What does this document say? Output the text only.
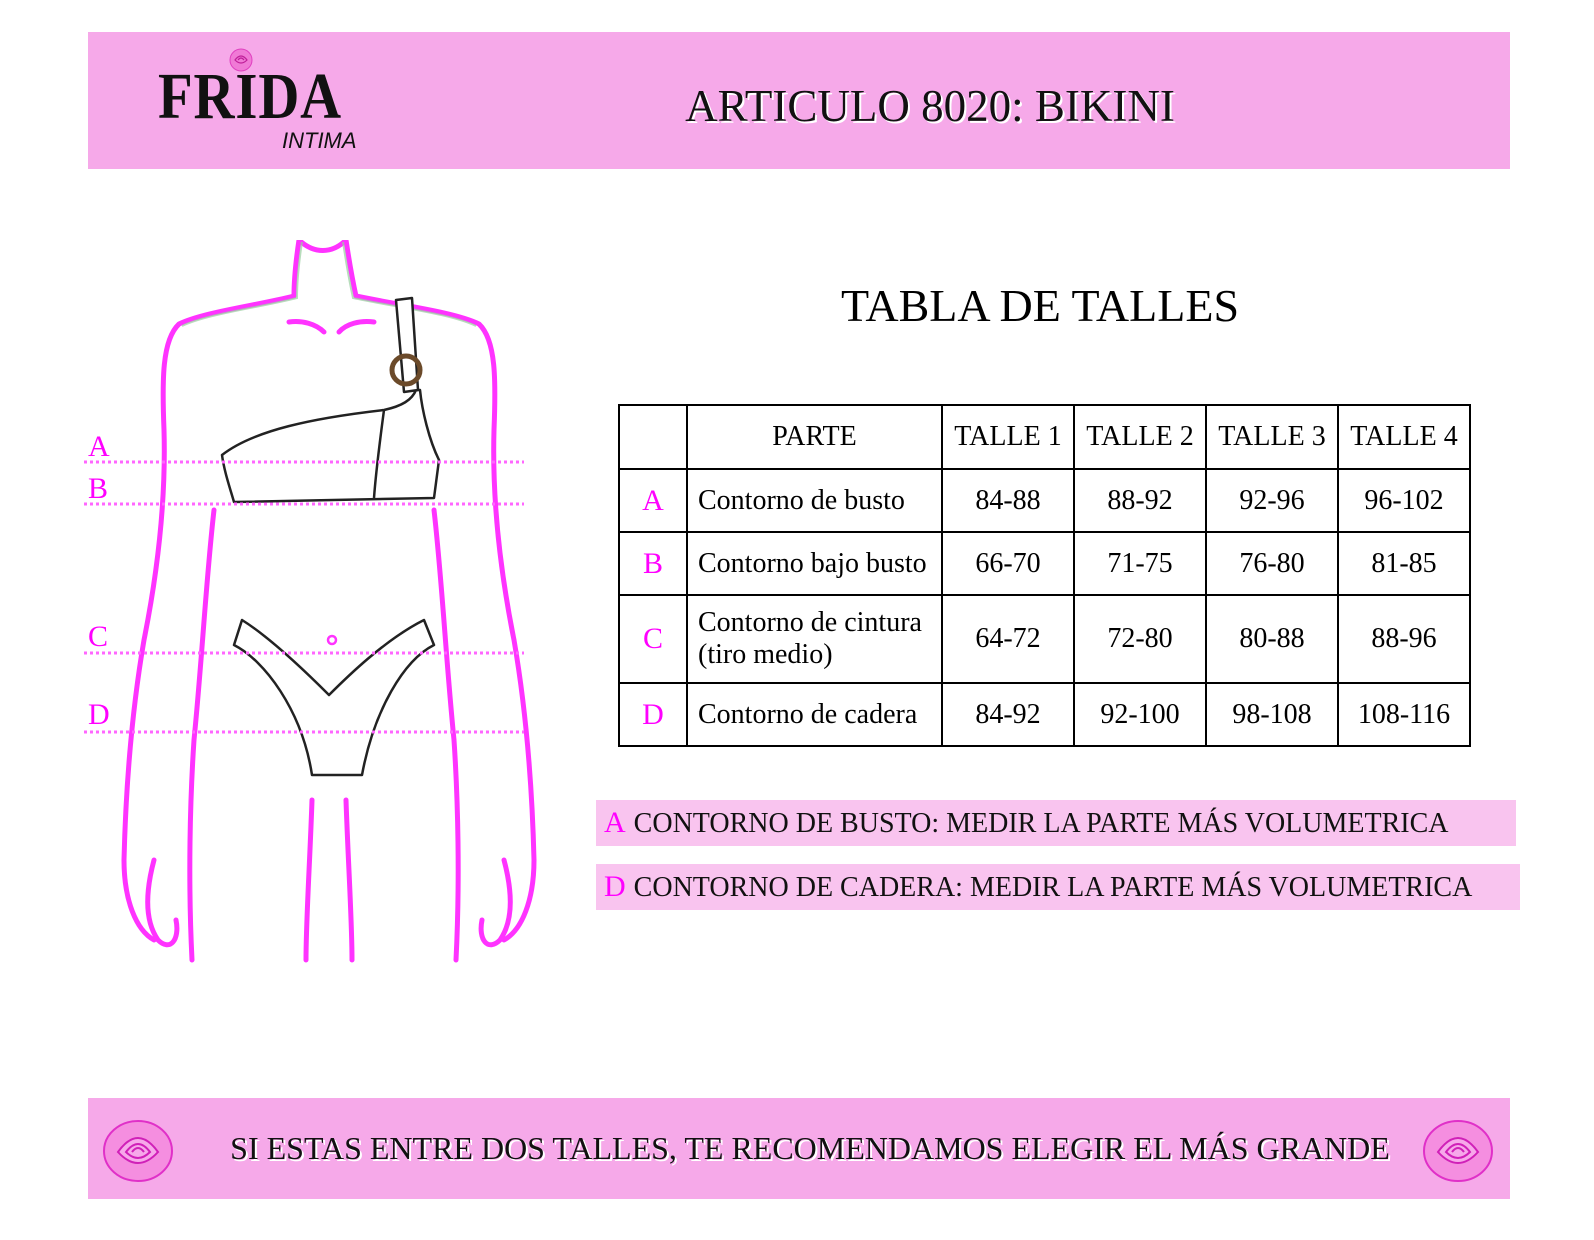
FRIDA
INTIMA
ARTICULO 8020: BIKINI
A
B
C
D
TABLA DE TALLES
	PARTE	TALLE 1	TALLE 2	TALLE 3	TALLE 4
A	Contorno de busto	84-88	88-92	92-96	96-102
B	Contorno bajo busto	66-70	71-75	76-80	81-85
C	Contorno de cintura (tiro medio)	64-72	72-80	80-88	88-96
D	Contorno de cadera	84-92	92-100	98-108	108-116
A CONTORNO DE BUSTO: MEDIR LA PARTE MÁS VOLUMETRICA
D CONTORNO DE CADERA: MEDIR LA PARTE MÁS VOLUMETRICA
SI ESTAS ENTRE DOS TALLES, TE RECOMENDAMOS ELEGIR EL MÁS GRANDE
